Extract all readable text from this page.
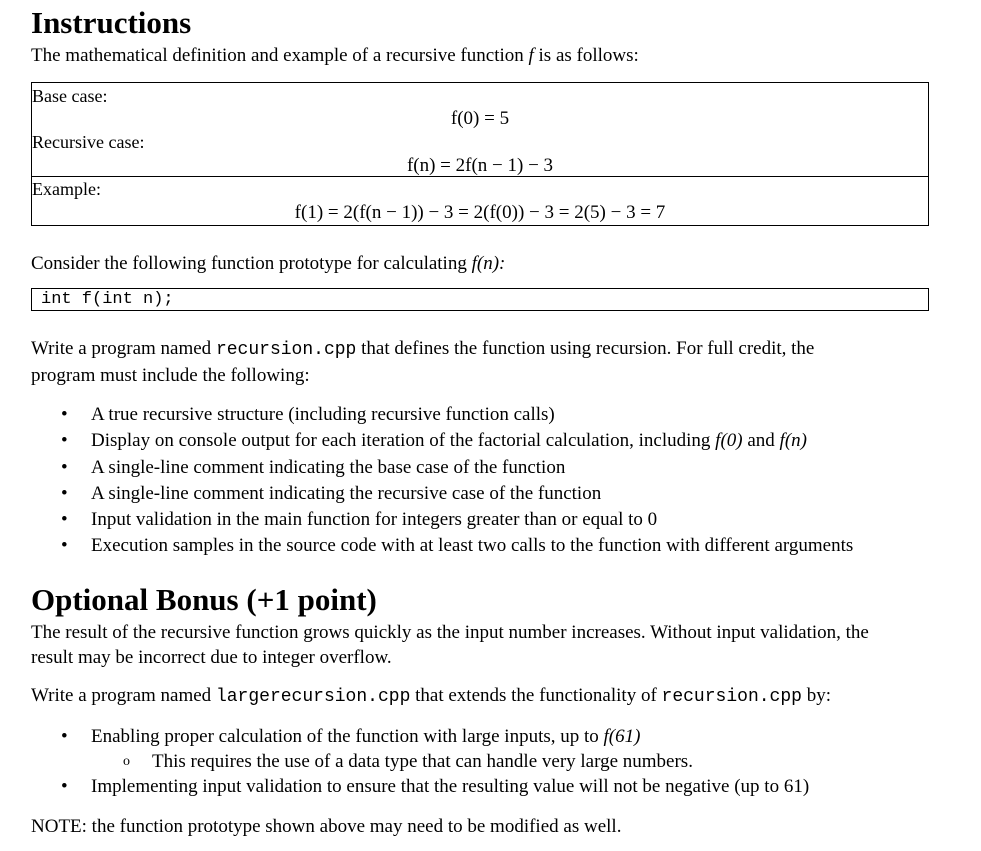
Instructions
The mathematical definition and example of a recursive function f is as follows:
Base case:
f(0) = 5
Recursive case:
f(n) = 2f(n − 1) − 3
Example:
f(1) = 2(f(n − 1)) − 3 = 2(f(0)) − 3 = 2(5) − 3 = 7
Consider the following function prototype for calculating f(n):
int f(int n);
Write a program named recursion.cpp that defines the function using recursion. For full credit, the
program must include the following:
• A true recursive structure (including recursive function calls)
• Display on console output for each iteration of the factorial calculation, including f(0) and f(n)
• A single-line comment indicating the base case of the function
• A single-line comment indicating the recursive case of the function
• Input validation in the main function for integers greater than or equal to 0
• Execution samples in the source code with at least two calls to the function with different arguments
Optional Bonus (+1 point)
The result of the recursive function grows quickly as the input number increases. Without input validation, the
result may be incorrect due to integer overflow.
Write a program named largerecursion.cpp that extends the functionality of recursion.cpp by:
• Enabling proper calculation of the function with large inputs, up to f(61)
o This requires the use of a data type that can handle very large numbers.
• Implementing input validation to ensure that the resulting value will not be negative (up to 61)
NOTE: the function prototype shown above may need to be modified as well.
